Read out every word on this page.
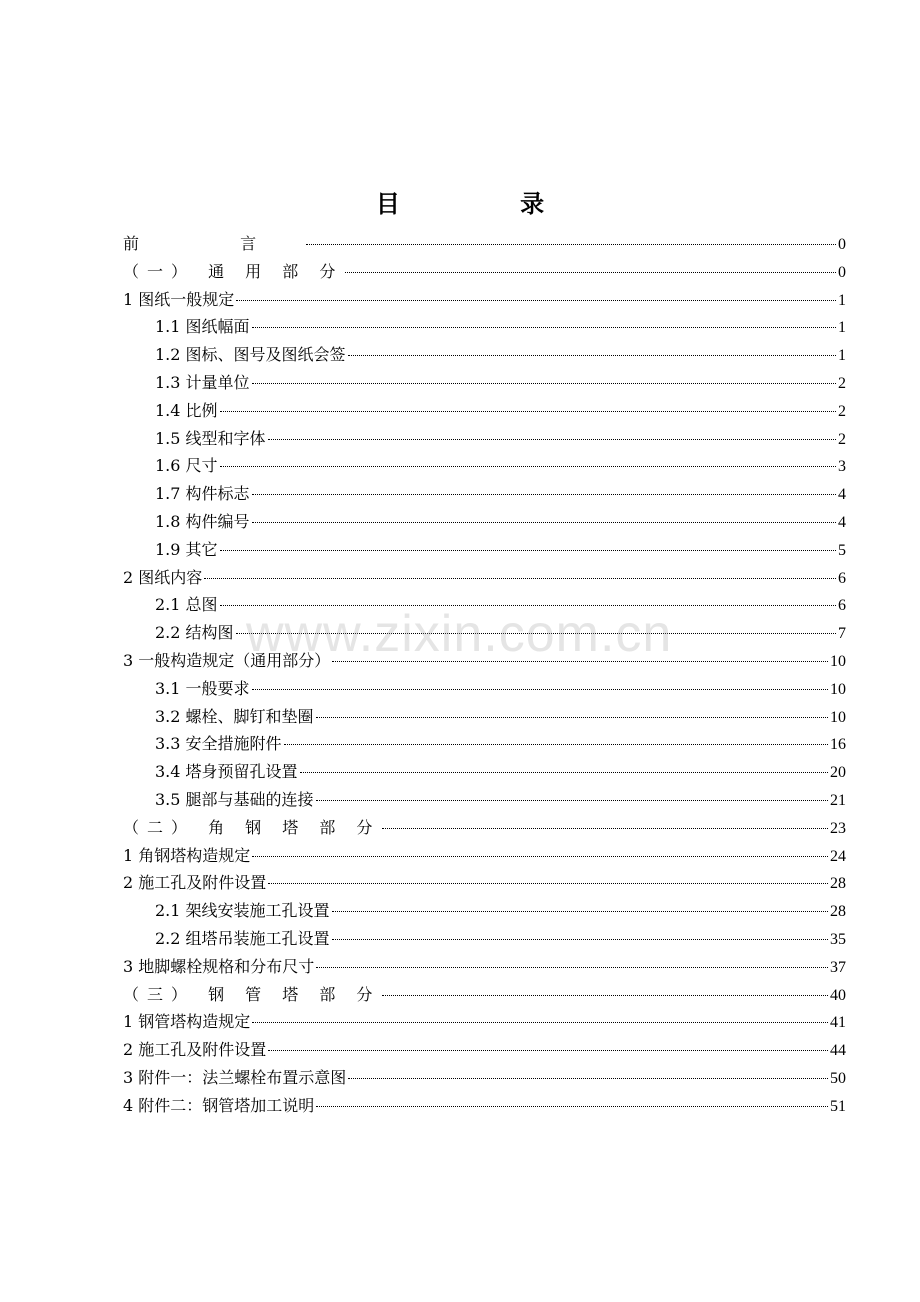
目 录
前 言	0
（一） 通 用 部 分	0
1 图纸一般规定	1
1.1 图纸幅面	1
1.2 图标、图号及图纸会签	1
1.3 计量单位	2
1.4 比例	2
1.5 线型和字体	2
1.6 尺寸	3
1.7 构件标志	4
1.8 构件编号	4
1.9 其它	5
2 图纸内容	6
2.1 总图	6
2.2 结构图	7
3 一般构造规定（通用部分）	10
3.1 一般要求	10
3.2 螺栓、脚钉和垫圈	10
3.3 安全措施附件	16
3.4 塔身预留孔设置	20
3.5 腿部与基础的连接	21
（二） 角 钢 塔 部 分	23
1 角钢塔构造规定	24
2 施工孔及附件设置	28
2.1 架线安装施工孔设置	28
2.2 组塔吊装施工孔设置	35
3 地脚螺栓规格和分布尺寸	37
（三） 钢 管 塔 部 分	40
1 钢管塔构造规定	41
2 施工孔及附件设置	44
3 附件一：法兰螺栓布置示意图	50
4 附件二：钢管塔加工说明	51
www.zixin.com.cn
